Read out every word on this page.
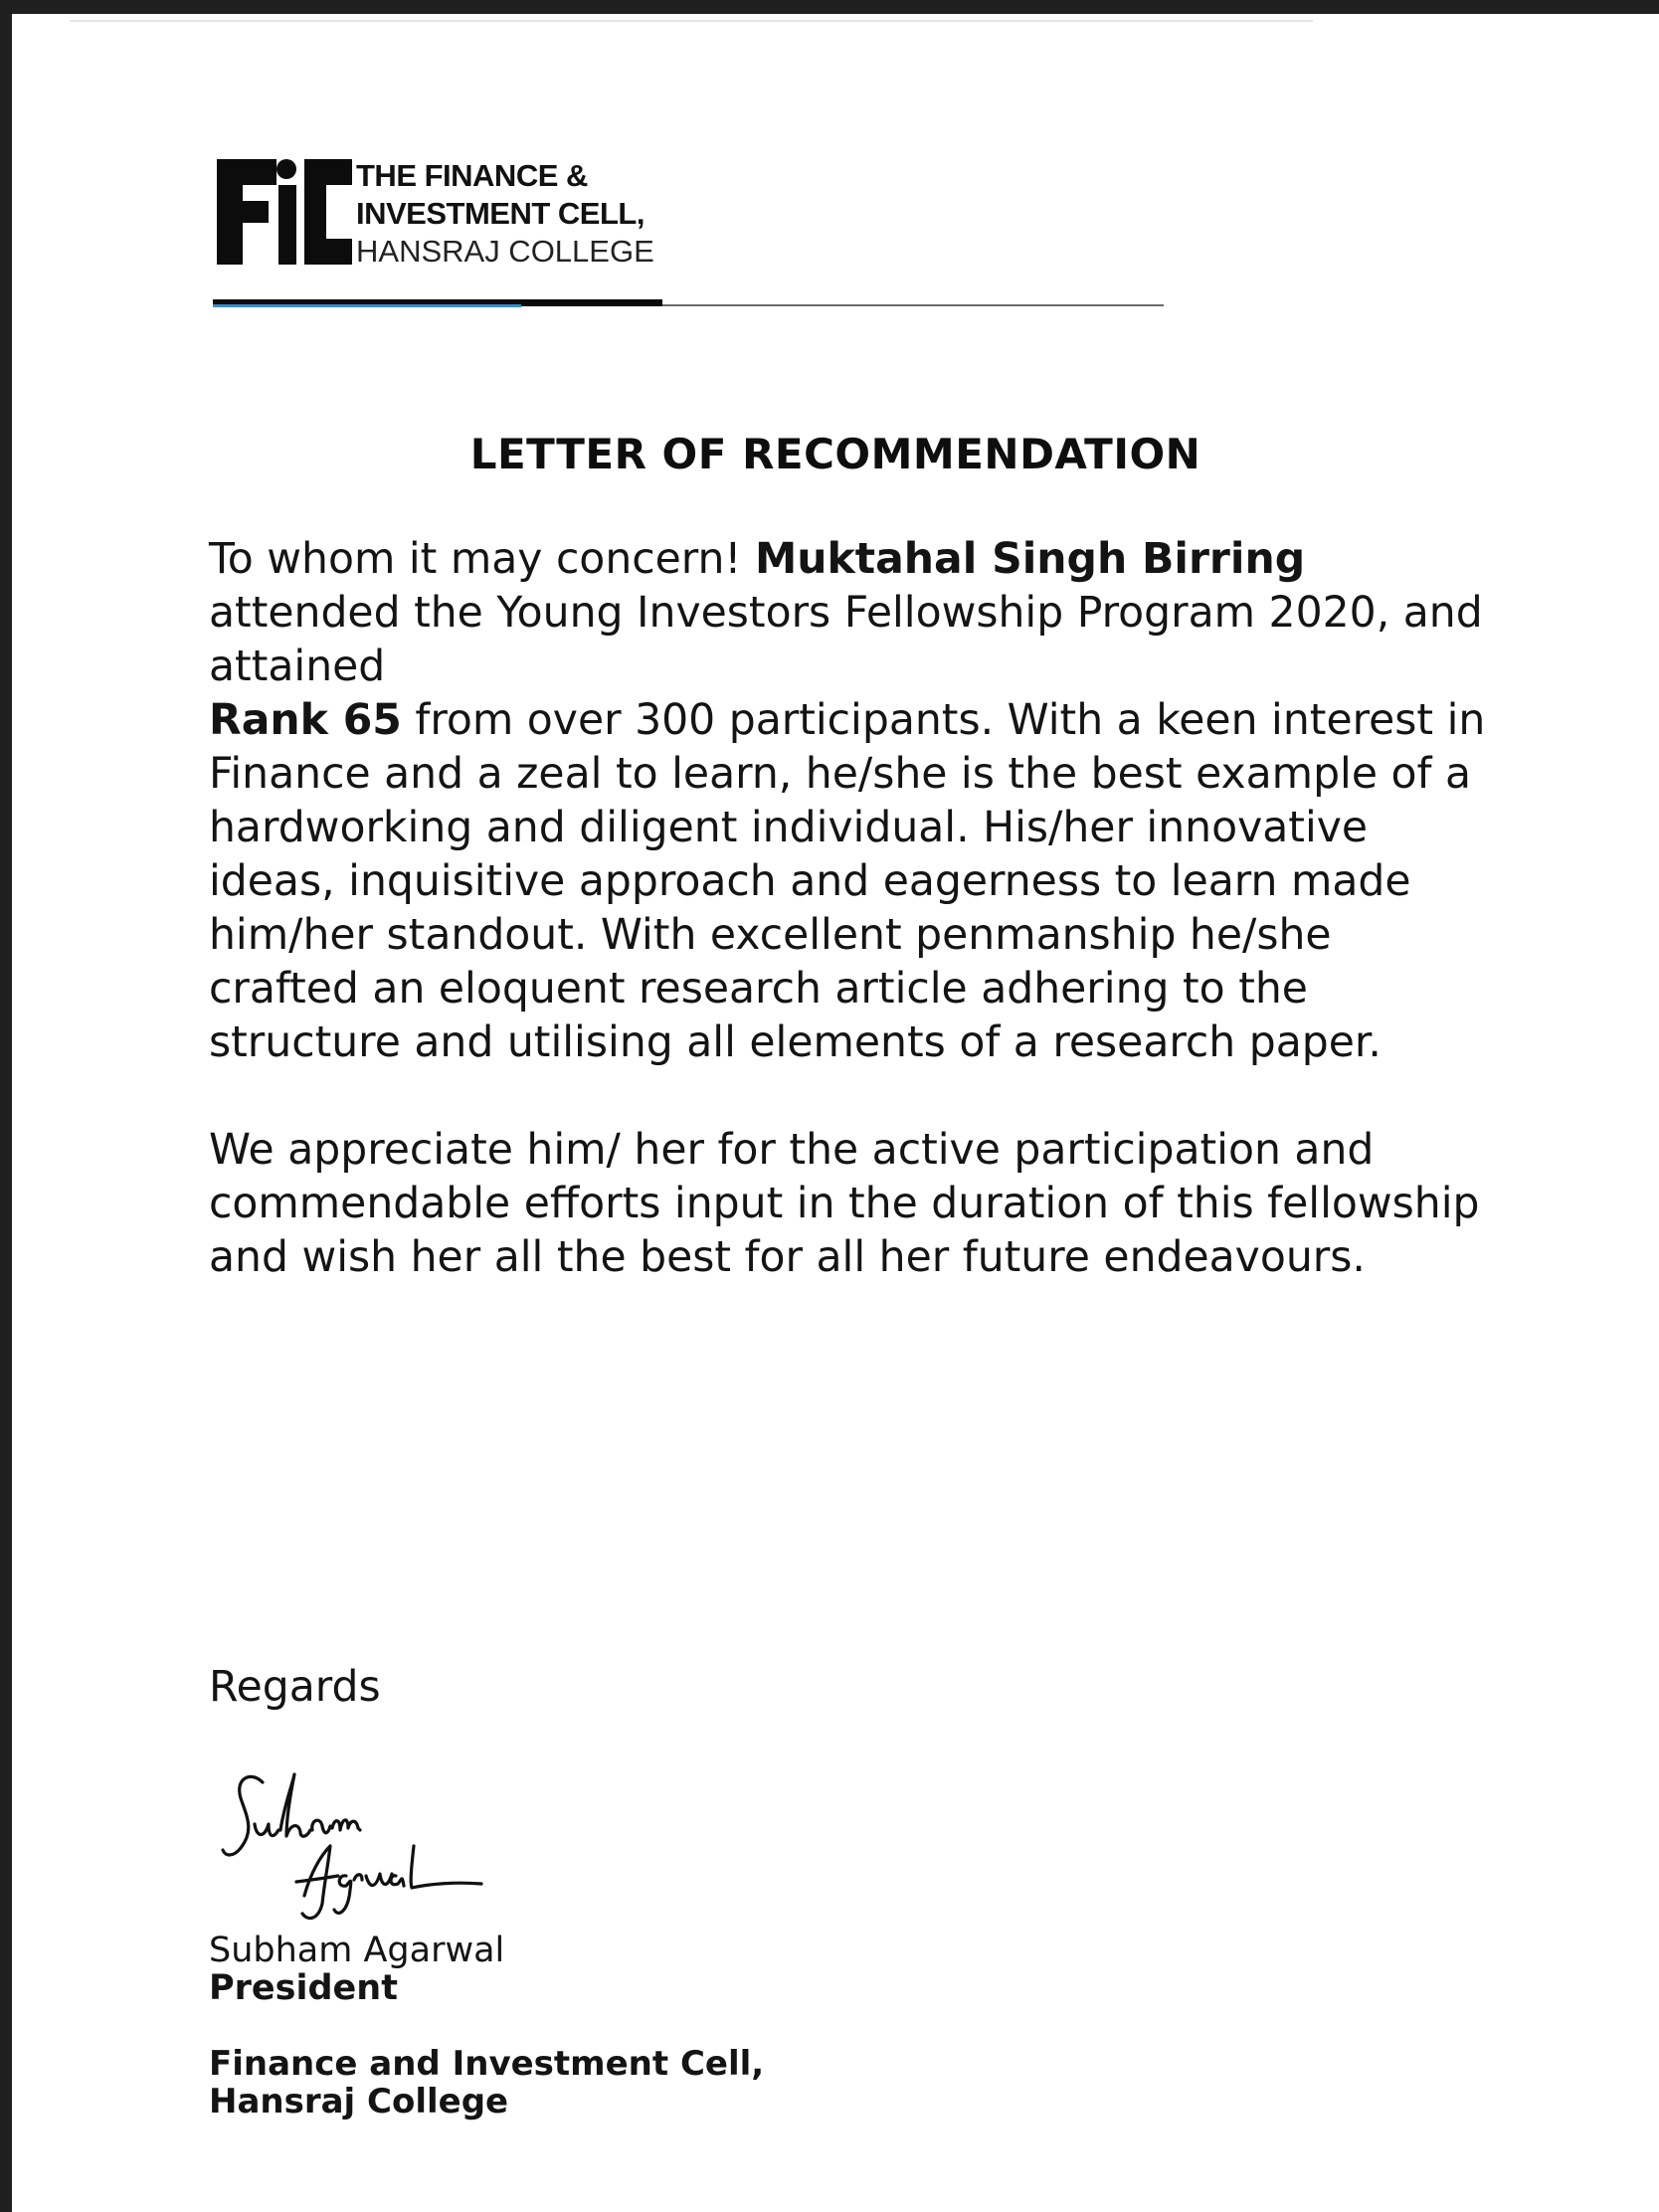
THE FINANCE &
INVESTMENT CELL,
HANSRAJ COLLEGE
LETTER OF RECOMMENDATION

To whom it may concern! Muktahal Singh Birring
attended the Young Investors Fellowship Program 2020, and attained
Rank 65 from over 300 participants. With a keen interest in Finance and a zeal to learn, he/she is the best example of a hardworking and diligent individual. His/her innovative ideas, inquisitive approach and eagerness to learn made him/her standout. With excellent penmanship he/she crafted an eloquent research article adhering to the structure and utilising all elements of a research paper.

We appreciate him/ her for the active participation and commendable efforts input in the duration of this fellowship and wish her all the best for all her future endeavours.

Regards
Subham Agarwal
President
Finance and Investment Cell,
Hansraj College
